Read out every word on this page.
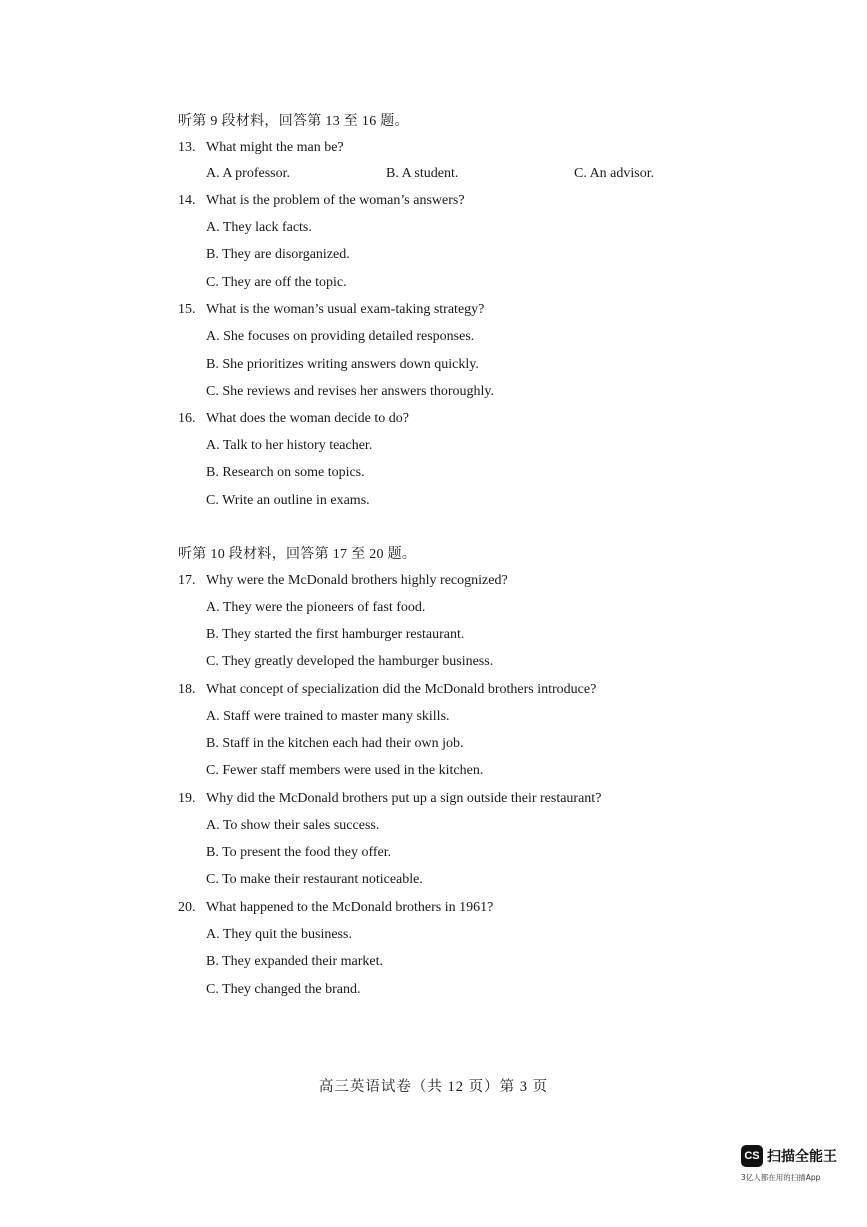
听第 9 段材料，回答第 13 至 16 题。
13. What might the man be?
A. A professor.	B. A student.	C. An advisor.
14. What is the problem of the woman’s answers?
A. They lack facts.
B. They are disorganized.
C. They are off the topic.
15. What is the woman’s usual exam-taking strategy?
A. She focuses on providing detailed responses.
B. She prioritizes writing answers down quickly.
C. She reviews and revises her answers thoroughly.
16. What does the woman decide to do?
A. Talk to her history teacher.
B. Research on some topics.
C. Write an outline in exams.
听第 10 段材料，回答第 17 至 20 题。
17. Why were the McDonald brothers highly recognized?
A. They were the pioneers of fast food.
B. They started the first hamburger restaurant.
C. They greatly developed the hamburger business.
18. What concept of specialization did the McDonald brothers introduce?
A. Staff were trained to master many skills.
B. Staff in the kitchen each had their own job.
C. Fewer staff members were used in the kitchen.
19. Why did the McDonald brothers put up a sign outside their restaurant?
A. To show their sales success.
B. To present the food they offer.
C. To make their restaurant noticeable.
20. What happened to the McDonald brothers in 1961?
A. They quit the business.
B. They expanded their market.
C. They changed the brand.
高三英语试卷（共 12 页）第 3 页
CS 扫描全能王
3亿人都在用的扫描App
